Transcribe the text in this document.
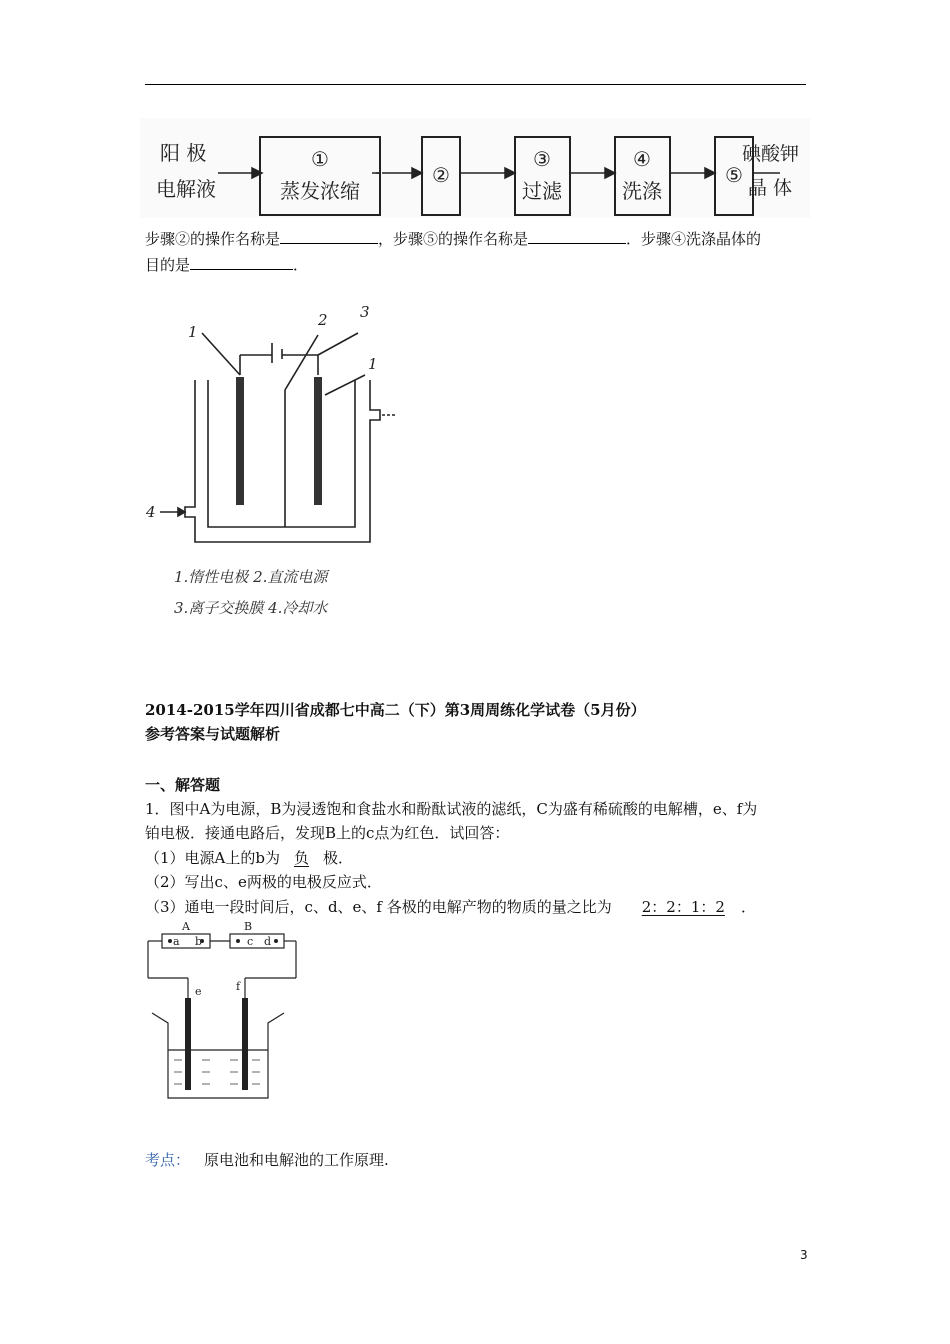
阳 极
电解液
①
蒸发浓缩
②
③
过滤
④
洗涤
⑤
碘酸钾
晶 体
步骤②的操作名称是	，步骤⑤的操作名称是	．步骤④洗涤晶体的
目的是	．
1
2 3
1
4
1.惰性电极 2.直流电源
3.离子交换膜 4.冷却水
2014-2015学年四川省成都七中高二（下）第3周周练化学试卷（5月份）
参考答案与试题解析
一、解答题
1．图中A为电源，B为浸透饱和食盐水和酚酞试液的滤纸，C为盛有稀硫酸的电解槽，e、f为
铂电极．接通电路后，发现B上的c点为红色．试回答：
（1）电源A上的b为 负 极．
（2）写出c、e两极的电极反应式．
（3）通电一段时间后，c、d、e、f 各极的电解产物的物质的量之比为 2：2：1：2 ．
A	B
a b	c d
e	f
考点： 原电池和电解池的工作原理.
3
